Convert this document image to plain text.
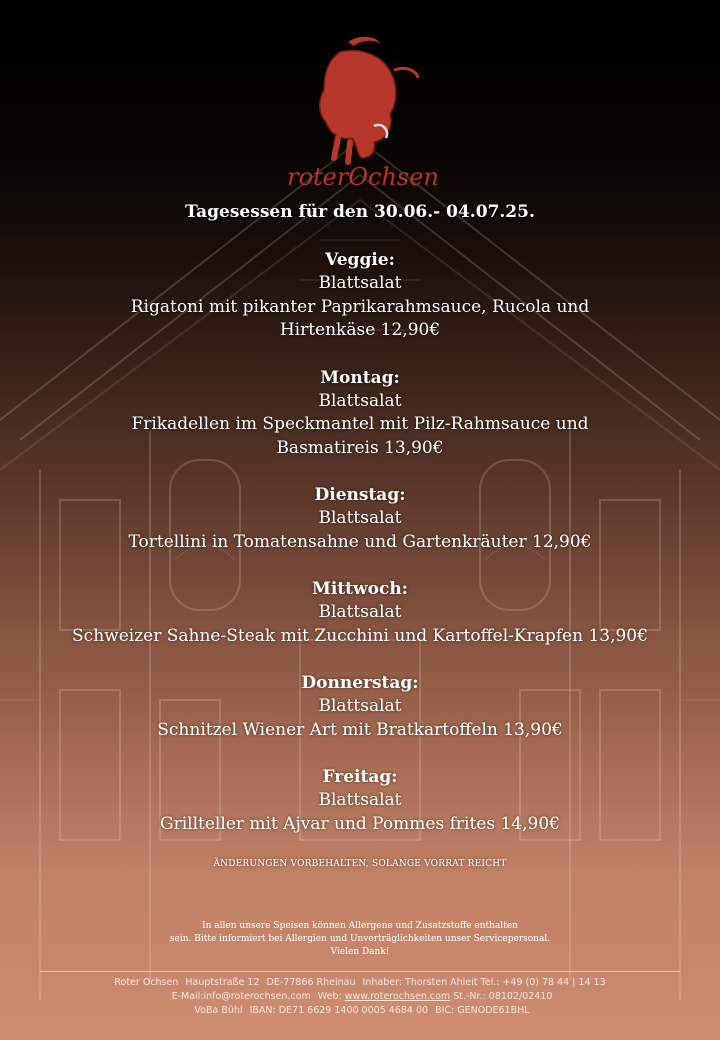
roterOchsen
Tagesessen für den 30.06.- 04.07.25.
Veggie:
Blattsalat
Rigatoni mit pikanter Paprikarahmsauce, Rucola und
Hirtenkäse 12,90€
Montag:
Blattsalat
Frikadellen im Speckmantel mit Pilz-Rahmsauce und
Basmatireis 13,90€
Dienstag:
Blattsalat
Tortellini in Tomatensahne und Gartenkräuter 12,90€
Mittwoch:
Blattsalat
Schweizer Sahne-Steak mit Zucchini und Kartoffel-Krapfen 13,90€
Donnerstag:
Blattsalat
Schnitzel Wiener Art mit Bratkartoffeln 13,90€
Freitag:
Blattsalat
Grillteller mit Ajvar und Pommes frites 14,90€
ÄNDERUNGEN VORBEHALTEN, SOLANGE VORRAT REICHT
In allen unsere Speisen können Allergene und Zusatzstoffe enthalten
sein. Bitte informiert bei Allergien und Unverträglichkeiten unser Servicepersonal.
Vielen Dank!
Roter Ochsen Hauptstraße 12 DE-77866 Rheinau Inhaber: Thorsten Ahleit Tel.: +49 (0) 78 44 | 14 13
E-Mail:info@roterochsen.com Web: www.roterochsen.com St.-Nr.: 08102/02410
VoBa Bühl IBAN: DE71 6629 1400 0005 4684 00 BIC: GENODE61BHL
